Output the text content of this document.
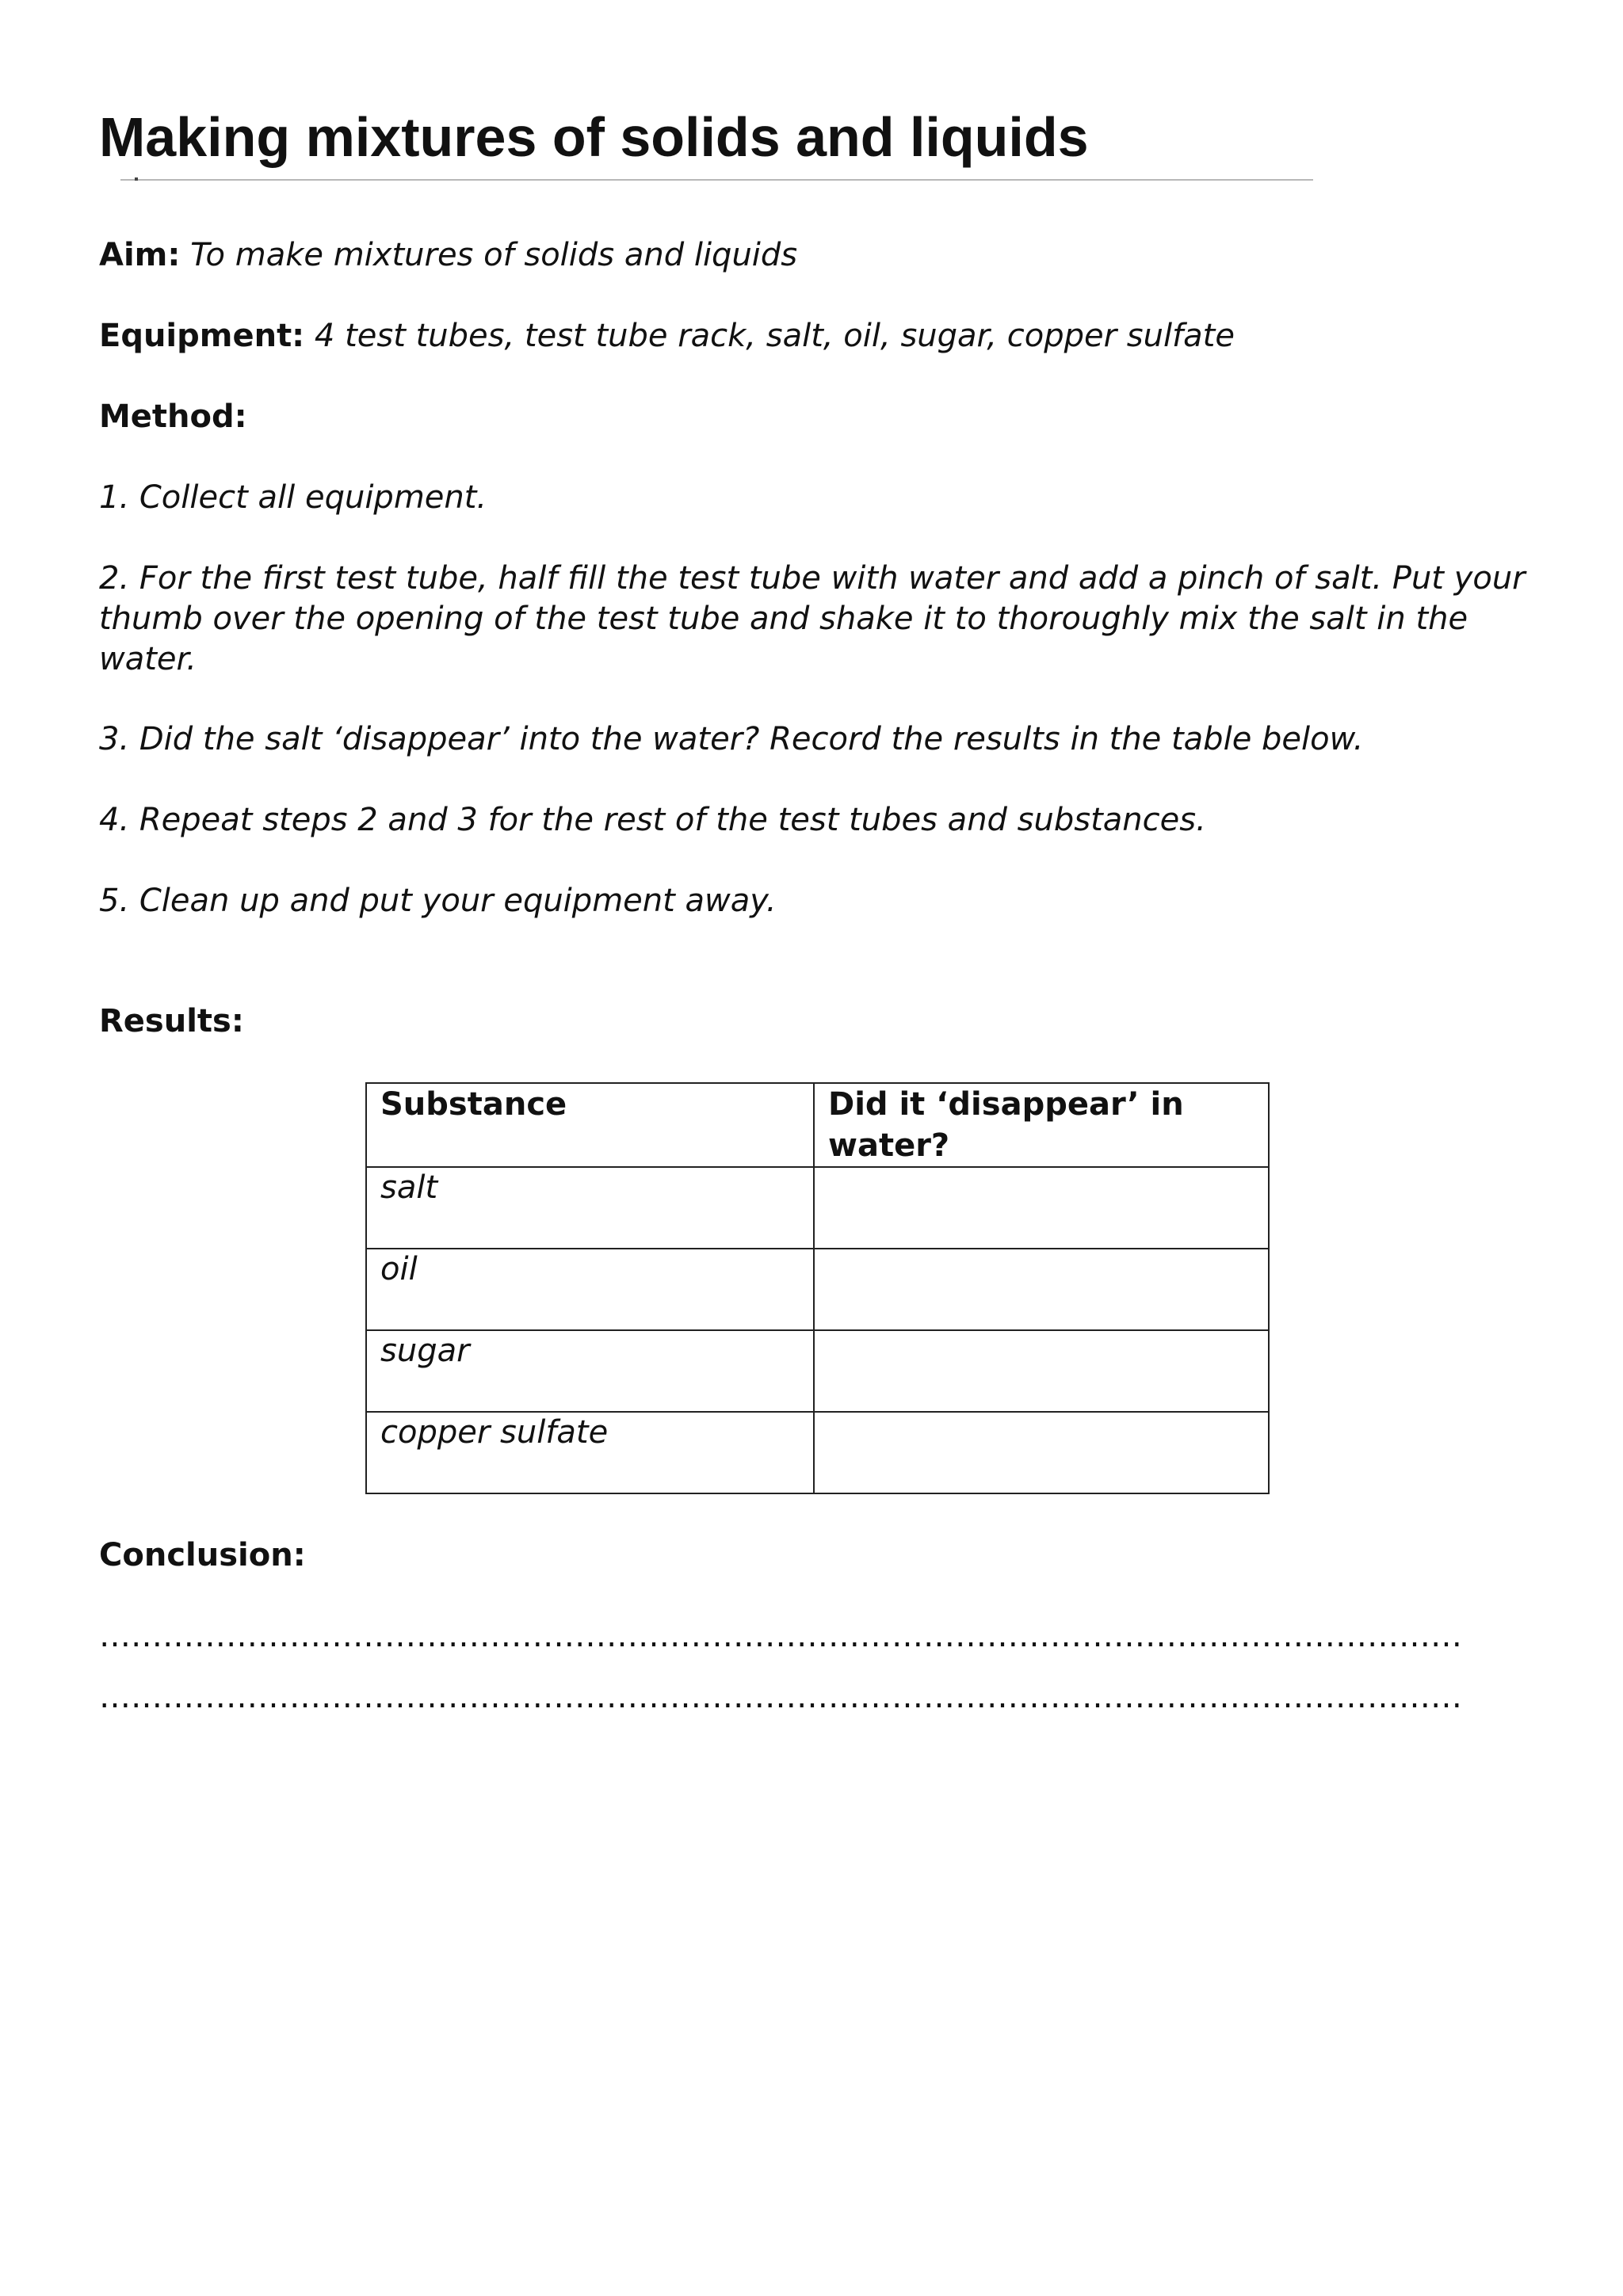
Making mixtures of solids and liquids
Aim: To make mixtures of solids and liquids
Equipment: 4 test tubes, test tube rack, salt, oil, sugar, copper sulfate
Method:
1. Collect all equipment.
2. For the first test tube, half fill the test tube with water and add a pinch of salt. Put your thumb over the opening of the test tube and shake it to thoroughly mix the salt in the water.
3. Did the salt ‘disappear’ into the water? Record the results in the table below.
4. Repeat steps 2 and 3 for the rest of the test tubes and substances.
5. Clean up and put your equipment away.
Results:
Substance	Did it ‘disappear’ in water?
salt	
oil	
sugar	
copper sulfate	
Conclusion:
…………………………………………………………………………………………………………………
…………………………………………………………………………………………………………………
